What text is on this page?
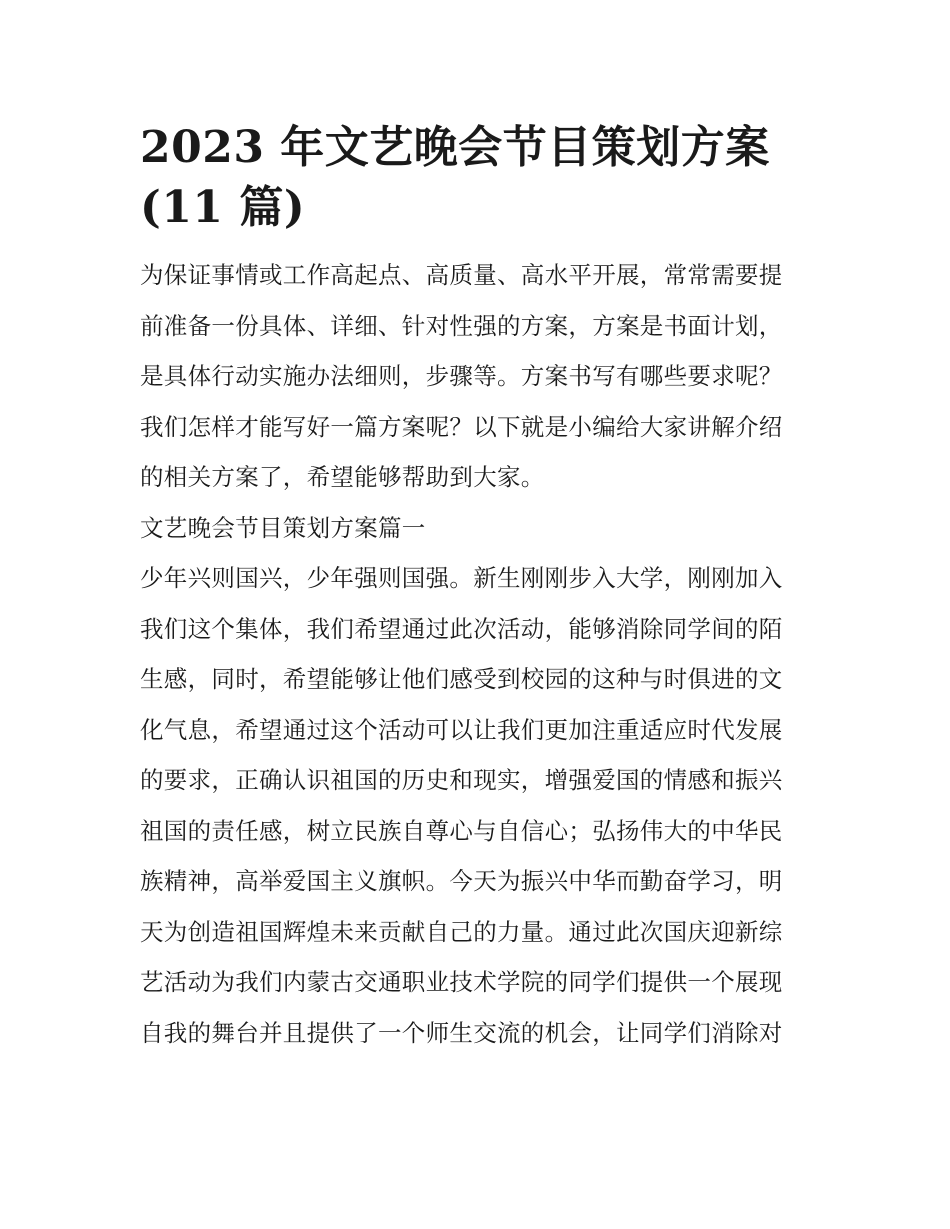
2023 年文艺晚会节目策划方案
(11 篇)
为保证事情或工作高起点、高质量、高水平开展，常常需要提
前准备一份具体、详细、针对性强的方案，方案是书面计划，
是具体行动实施办法细则，步骤等。方案书写有哪些要求呢？
我们怎样才能写好一篇方案呢？以下就是小编给大家讲解介绍
的相关方案了，希望能够帮助到大家。
文艺晚会节目策划方案篇一
少年兴则国兴，少年强则国强。新生刚刚步入大学，刚刚加入
我们这个集体，我们希望通过此次活动，能够消除同学间的陌
生感，同时，希望能够让他们感受到校园的这种与时俱进的文
化气息，希望通过这个活动可以让我们更加注重适应时代发展
的要求，正确认识祖国的历史和现实，增强爱国的情感和振兴
祖国的责任感，树立民族自尊心与自信心；弘扬伟大的中华民
族精神，高举爱国主义旗帜。今天为振兴中华而勤奋学习，明
天为创造祖国辉煌未来贡献自己的力量。通过此次国庆迎新综
艺活动为我们内蒙古交通职业技术学院的同学们提供一个展现
自我的舞台并且提供了一个师生交流的机会，让同学们消除对
